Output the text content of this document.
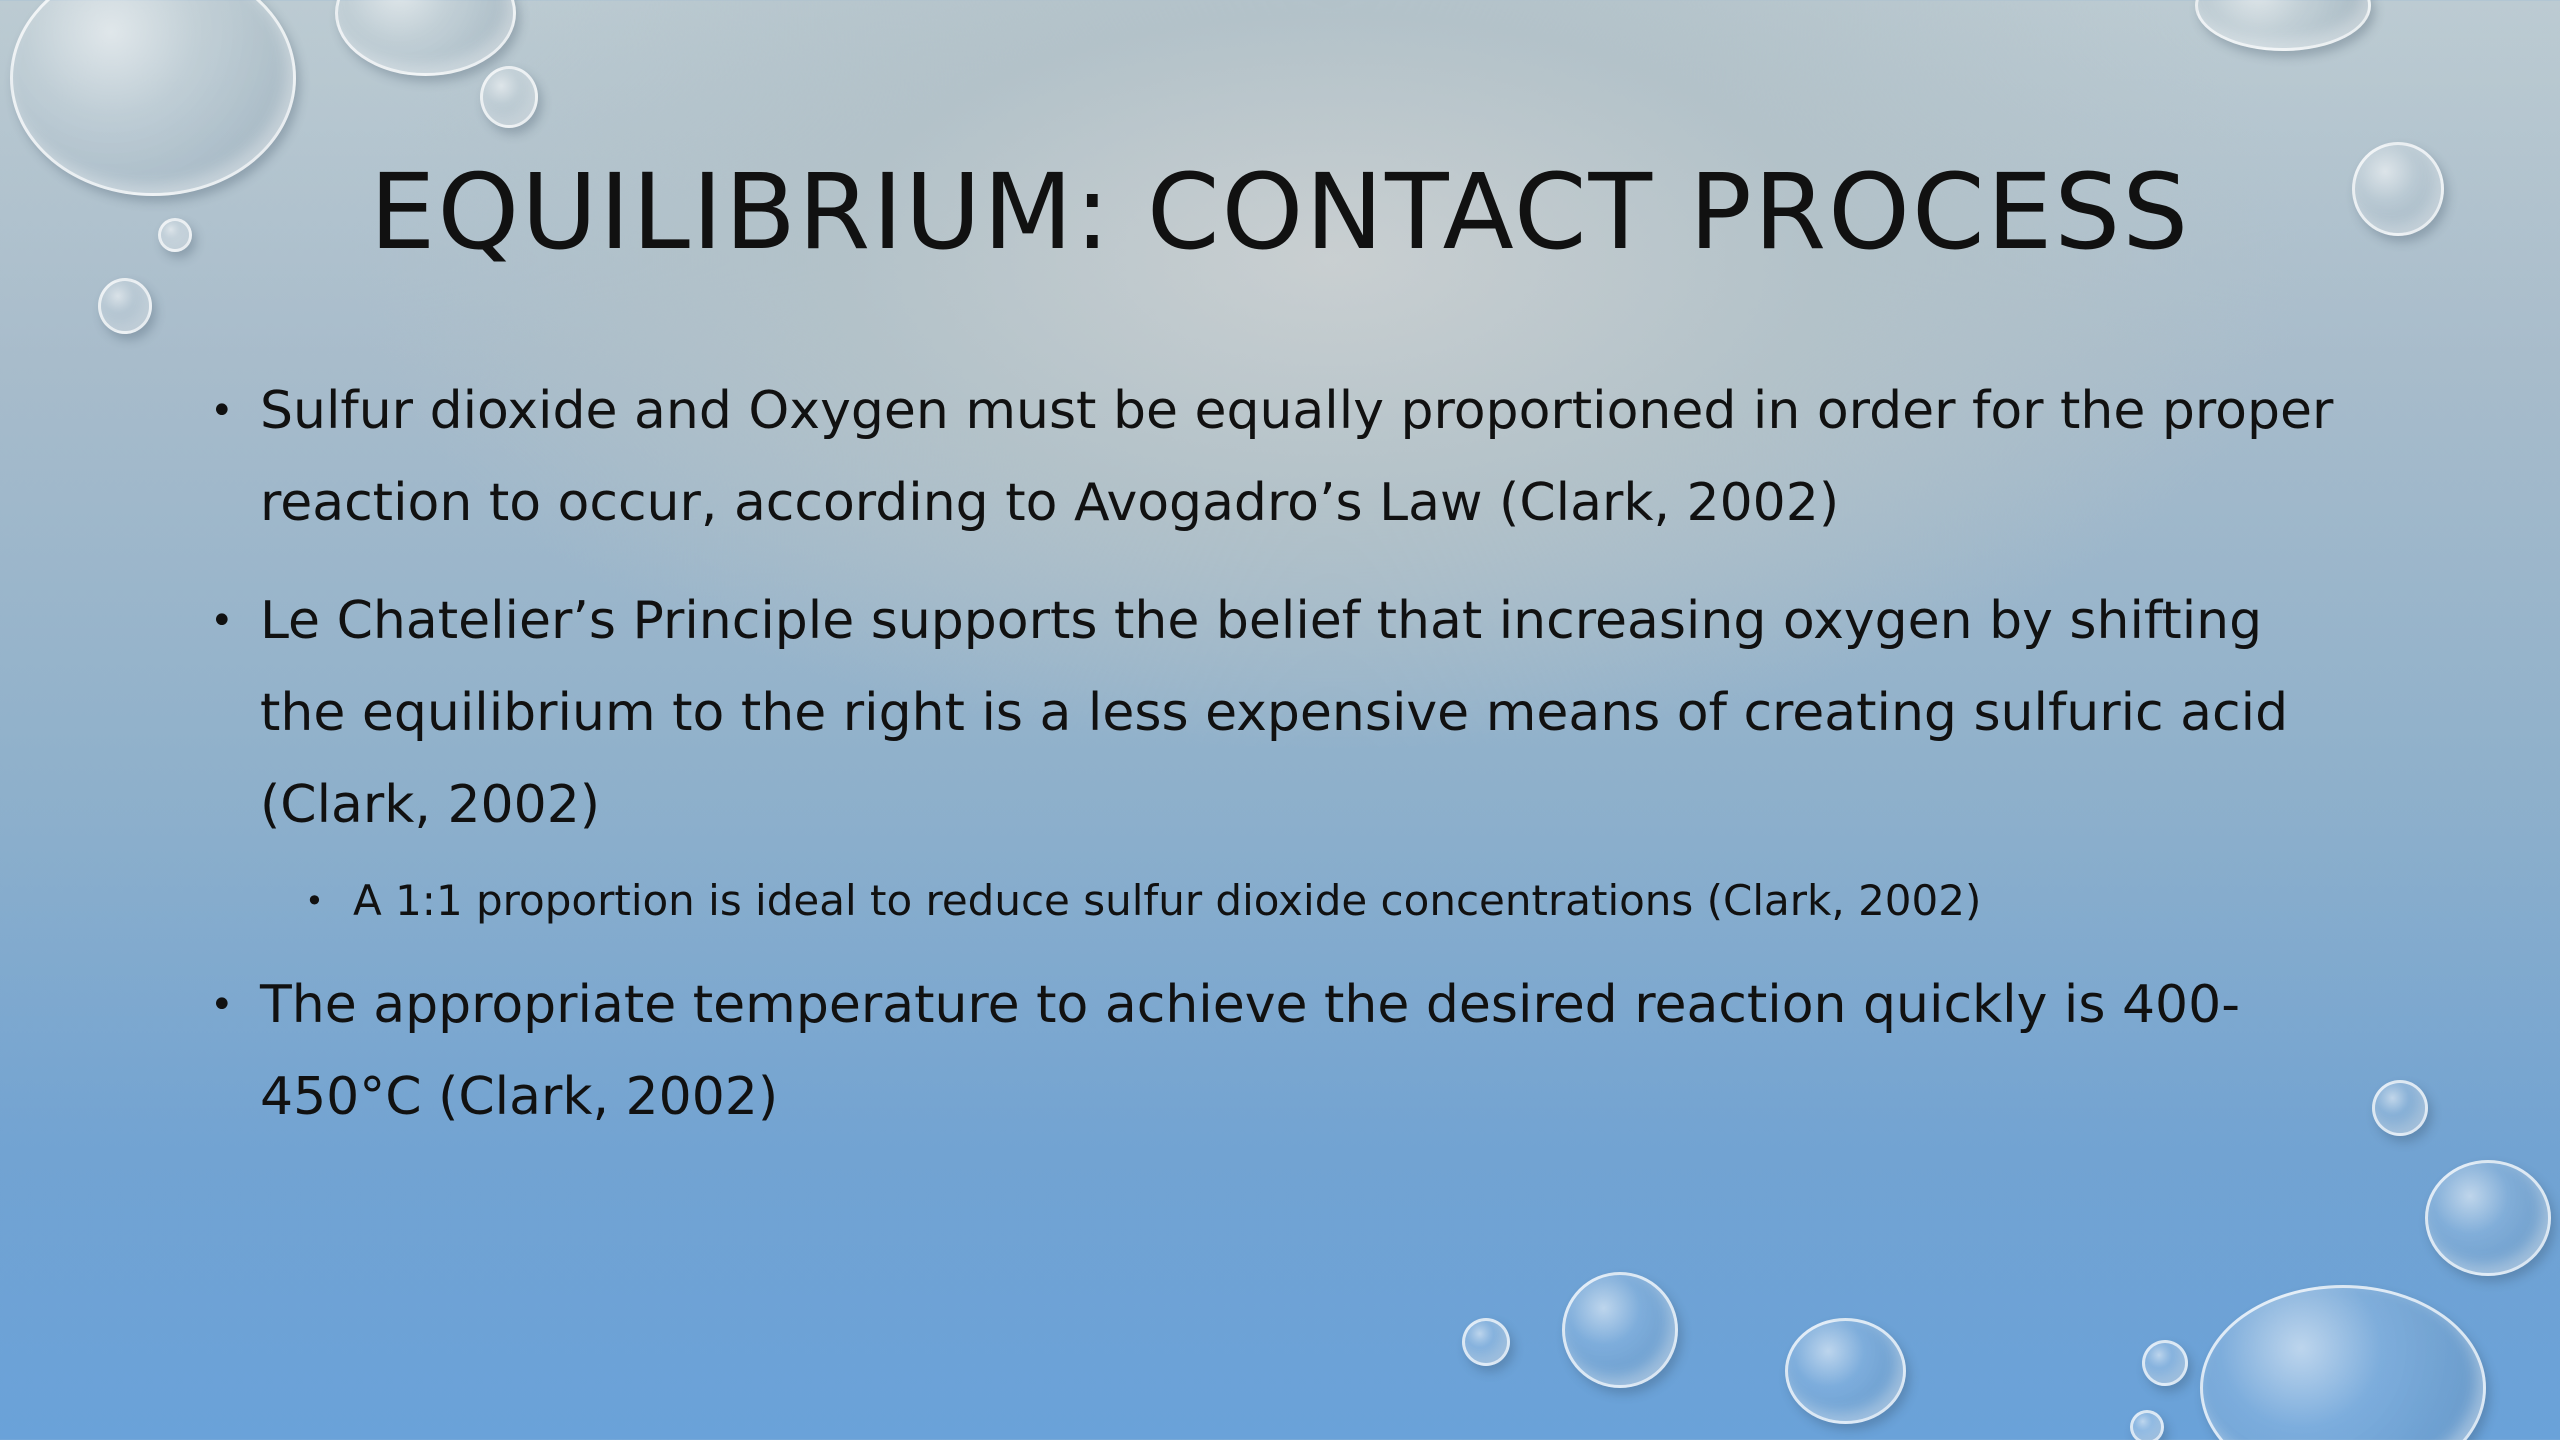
EQUILIBRIUM: CONTACT PROCESS
• Sulfur dioxide and Oxygen must be equally proportioned in order for the proper reaction to occur, according to Avogadro’s Law (Clark, 2002)
• Le Chatelier’s Principle supports the belief that increasing oxygen by shifting the equilibrium to the right is a less expensive means of creating sulfuric acid (Clark, 2002)
• A 1:1 proportion is ideal to reduce sulfur dioxide concentrations (Clark, 2002)
• The appropriate temperature to achieve the desired reaction quickly is 400-450°C (Clark, 2002)
